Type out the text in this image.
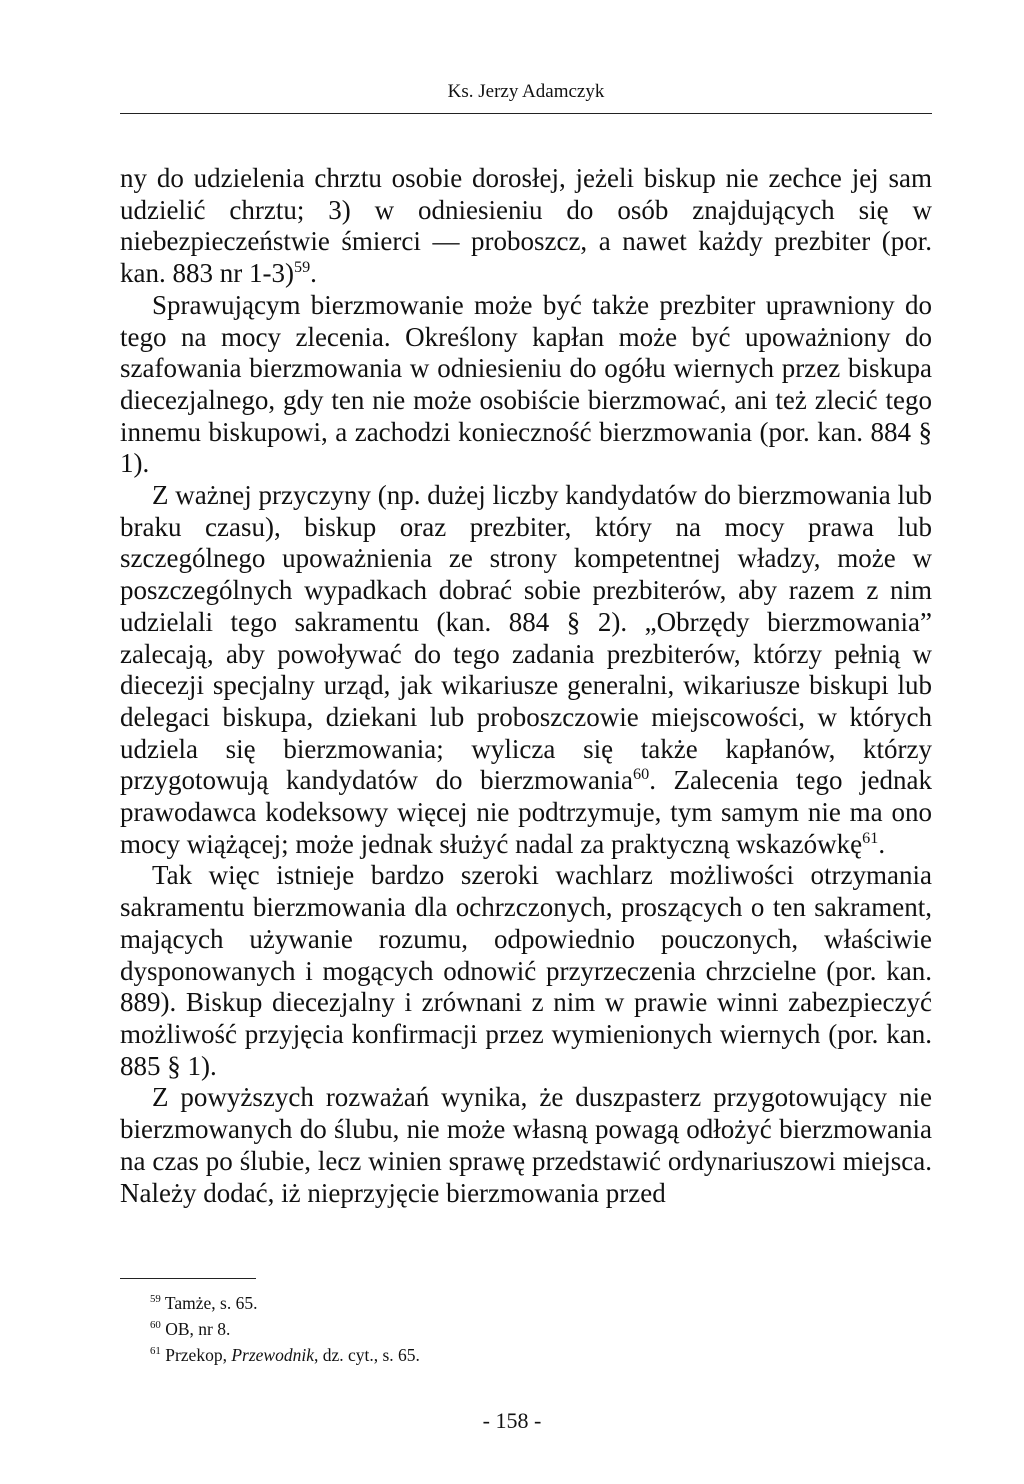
Ks. Jerzy Adamczyk

ny do udzielenia chrztu osobie dorosłej, jeżeli biskup nie zechce jej sam udzielić chrztu; 3) w odniesieniu do osób znajdujących się w niebezpieczeństwie śmierci — proboszcz, a nawet każdy prezbiter (por. kan. 883 nr 1-3)$^{59}$.

Sprawującym bierzmowanie może być także prezbiter uprawniony do tego na mocy zlecenia. Określony kapłan może być upoważniony do szafowania bierzmowania w odniesieniu do ogółu wiernych przez biskupa diecezjalnego, gdy ten nie może osobiście bierzmować, ani też zlecić tego innemu biskupowi, a zachodzi konieczność bierzmowania (por. kan. 884 § 1).

Z ważnej przyczyny (np. dużej liczby kandydatów do bierzmowania lub braku czasu), biskup oraz prezbiter, który na mocy prawa lub szczególnego upoważnienia ze strony kompetentnej władzy, może w poszczególnych wypadkach dobrać sobie prezbiterów, aby razem z nim udzielali tego sakramentu (kan. 884 § 2). „Obrzędy bierzmowania” zalecają, aby powoływać do tego zadania prezbiterów, którzy pełnią w diecezji specjalny urząd, jak wikariusze generalni, wikariusze biskupi lub delegaci biskupa, dziekani lub proboszczowie miejscowości, w których udziela się bierzmowania; wylicza się także kapłanów, którzy przygotowują kandydatów do bierzmowania$^{60}$. Zalecenia tego jednak prawodawca kodeksowy więcej nie podtrzymuje, tym samym nie ma ono mocy wiążącej; może jednak służyć nadal za praktyczną wskazówkę$^{61}$.

Tak więc istnieje bardzo szeroki wachlarz możliwości otrzymania sakramentu bierzmowania dla ochrzczonych, proszących o ten sakrament, mających używanie rozumu, odpowiednio pouczonych, właściwie dysponowanych i mogących odnowić przyrzeczenia chrzcielne (por. kan. 889). Biskup diecezjalny i zrównani z nim w prawie winni zabezpieczyć możliwość przyjęcia konfirmacji przez wymienionych wiernych (por. kan. 885 § 1).

Z powyższych rozważań wynika, że duszpasterz przygotowujący nie bierzmowanych do ślubu, nie może własną powagą odłożyć bierzmowania na czas po ślubie, lecz winien sprawę przedstawić ordynariuszowi miejsca. Należy dodać, iż nieprzyjęcie bierzmowania przed

$^{59}$ Tamże, s. 65.
$^{60}$ OB, nr 8.
$^{61}$ Przekop, Przewodnik, dz. cyt., s. 65.
- 158 -
